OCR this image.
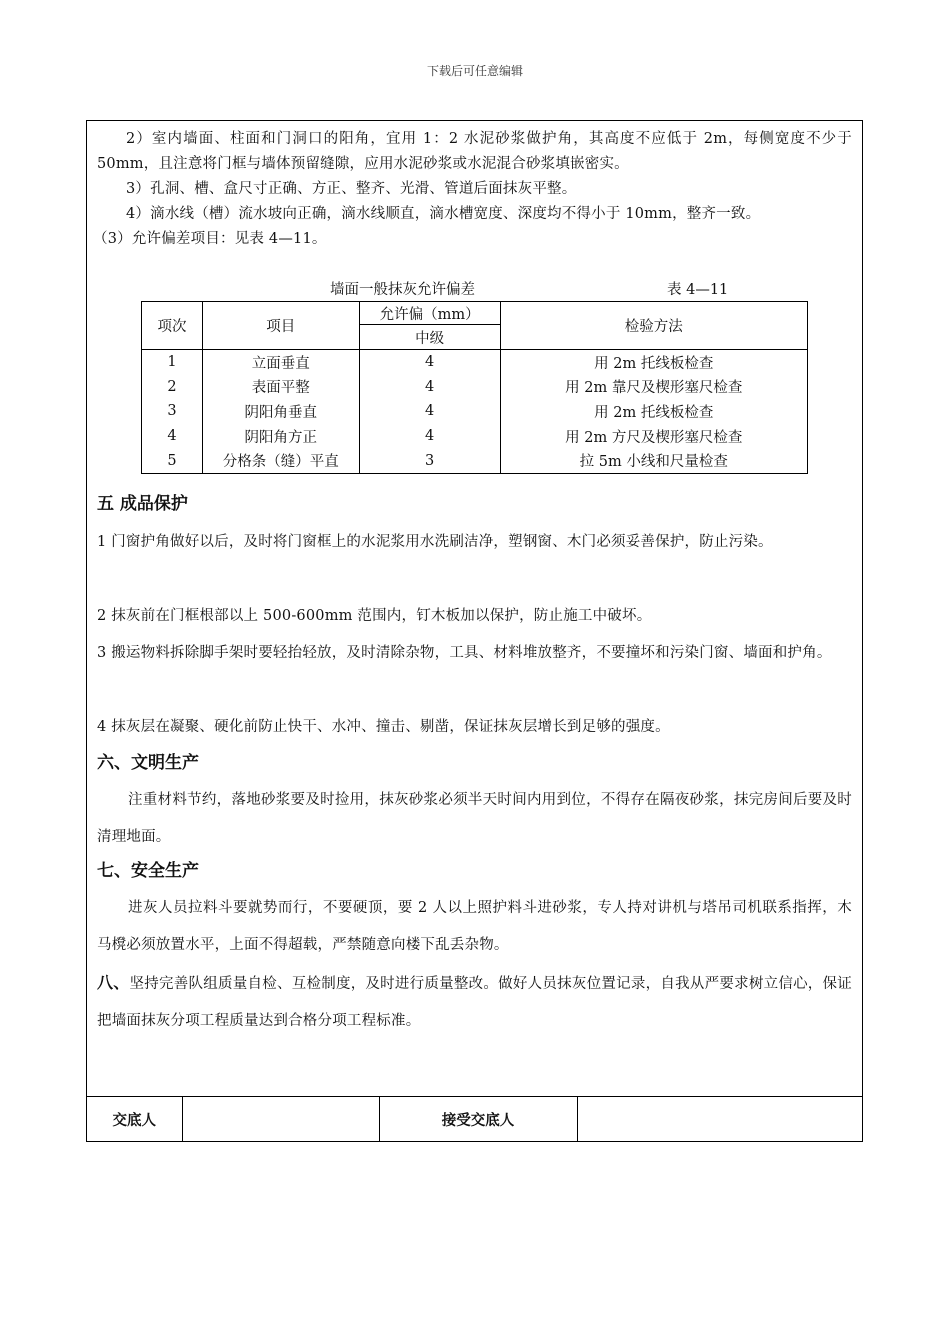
下载后可任意编辑

2）室内墙面、柱面和门洞口的阳角，宜用 1：2 水泥砂浆做护角，其高度不应低于 2m，每侧宽度不少于 50mm，且注意将门框与墙体预留缝隙，应用水泥砂浆或水泥混合砂浆填嵌密实。

3）孔洞、槽、盒尺寸正确、方正、整齐、光滑、管道后面抹灰平整。

4）滴水线（槽）流水坡向正确，滴水线顺直，滴水槽宽度、深度均不得小于 10mm，整齐一致。

（3）允许偏差项目：见表 4—11。

墙面一般抹灰允许偏差	表 4—11
项次	项目	允许偏（mm）	检验方法
		中级	
1	立面垂直	4	用 2m 托线板检查
2	表面平整	4	用 2m 靠尺及楔形塞尺检查
3	阴阳角垂直	4	用 2m 托线板检查
4	阴阳角方正	4	用 2m 方尺及楔形塞尺检查
5	分格条（缝）平直	3	拉 5m 小线和尺量检查
五 成品保护

1 门窗护角做好以后，及时将门窗框上的水泥浆用水洗刷洁净，塑钢窗、木门必须妥善保护，防止污染。

2 抹灰前在门框根部以上 500-600mm 范围内，钉木板加以保护，防止施工中破坏。

3 搬运物料拆除脚手架时要轻抬轻放，及时清除杂物，工具、材料堆放整齐，不要撞坏和污染门窗、墙面和护角。

4 抹灰层在凝聚、硬化前防止快干、水冲、撞击、剔凿，保证抹灰层增长到足够的强度。

六、文明生产

注重材料节约，落地砂浆要及时捡用，抹灰砂浆必须半天时间内用到位，不得存在隔夜砂浆，抹完房间后要及时清理地面。

七、安全生产

进灰人员拉料斗要就势而行，不要硬顶，要 2 人以上照护料斗进砂浆，专人持对讲机与塔吊司机联系指挥，木马櫈必须放置水平，上面不得超载，严禁随意向楼下乱丢杂物。

八、坚持完善队组质量自检、互检制度，及时进行质量整改。做好人员抹灰位置记录，自我从严要求树立信心，保证把墙面抹灰分项工程质量达到合格分项工程标准。

交底人		接受交底人	
